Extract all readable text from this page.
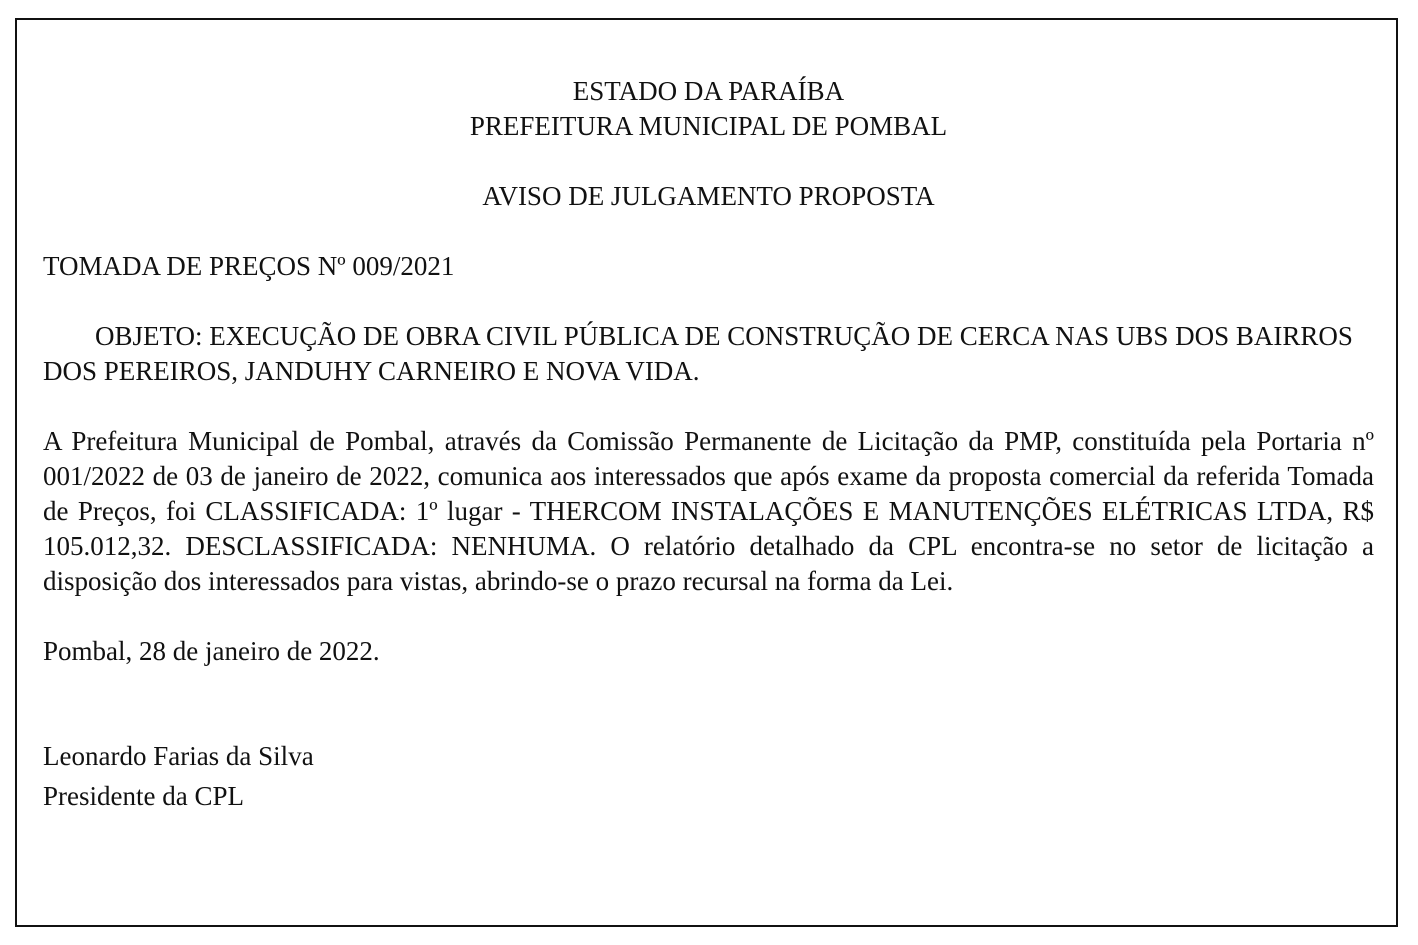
ESTADO DA PARAÍBA

PREFEITURA MUNICIPAL DE POMBAL

AVISO DE JULGAMENTO PROPOSTA

TOMADA DE PREÇOS Nº 009/2021

OBJETO: EXECUÇÃO DE OBRA CIVIL PÚBLICA DE CONSTRUÇÃO DE CERCA NAS UBS DOS BAIRROS DOS PEREIROS, JANDUHY CARNEIRO E NOVA VIDA.

A Prefeitura Municipal de Pombal, através da Comissão Permanente de Licitação da PMP, constituída pela Portaria nº 001/2022 de 03 de janeiro de 2022, comunica aos interessados que após exame da proposta comercial da referida Tomada de Preços, foi CLASSIFICADA: 1º lugar - THERCOM INSTALAÇÕES E MANUTENÇÕES ELÉTRICAS LTDA, R$ 105.012,32. DESCLASSIFICADA: NENHUMA. O relatório detalhado da CPL encontra-se no setor de licitação a disposição dos interessados para vistas, abrindo-se o prazo recursal na forma da Lei.

Pombal, 28 de janeiro de 2022.

Leonardo Farias da Silva

Presidente da CPL
